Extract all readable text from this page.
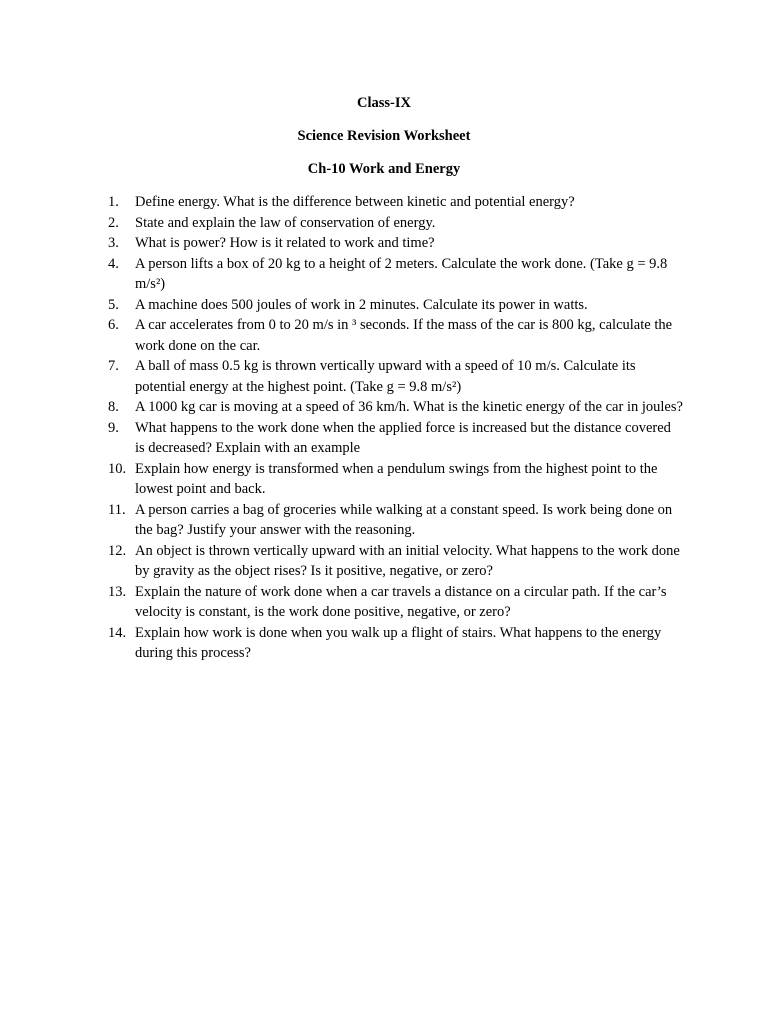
Class-IX
Science Revision Worksheet
Ch-10 Work and Energy
1.	Define energy. What is the difference between kinetic and potential energy?
2.	State and explain the law of conservation of energy.
3.	What is power? How is it related to work and time?
4.	A person lifts a box of 20 kg to a height of 2 meters. Calculate the work done. (Take g = 9.8 m/s²)
5.	A machine does 500 joules of work in 2 minutes. Calculate its power in watts.
6.	A car accelerates from 0 to 20 m/s in ³ seconds. If the mass of the car is 800 kg, calculate the work done on the car.
7.	A ball of mass 0.5 kg is thrown vertically upward with a speed of 10 m/s. Calculate its potential energy at the highest point. (Take g = 9.8 m/s²)
8.	A 1000 kg car is moving at a speed of 36 km/h. What is the kinetic energy of the car in joules?
9.	What happens to the work done when the applied force is increased but the distance covered is decreased? Explain with an example
10. Explain how energy is transformed when a pendulum swings from the highest point to the lowest point and back.
11. A person carries a bag of groceries while walking at a constant speed. Is work being done on the bag? Justify your answer with the reasoning.
12. An object is thrown vertically upward with an initial velocity. What happens to the work done by gravity as the object rises? Is it positive, negative, or zero?
13. Explain the nature of work done when a car travels a distance on a circular path. If the car’s velocity is constant, is the work done positive, negative, or zero?
14. Explain how work is done when you walk up a flight of stairs. What happens to the energy during this process?
